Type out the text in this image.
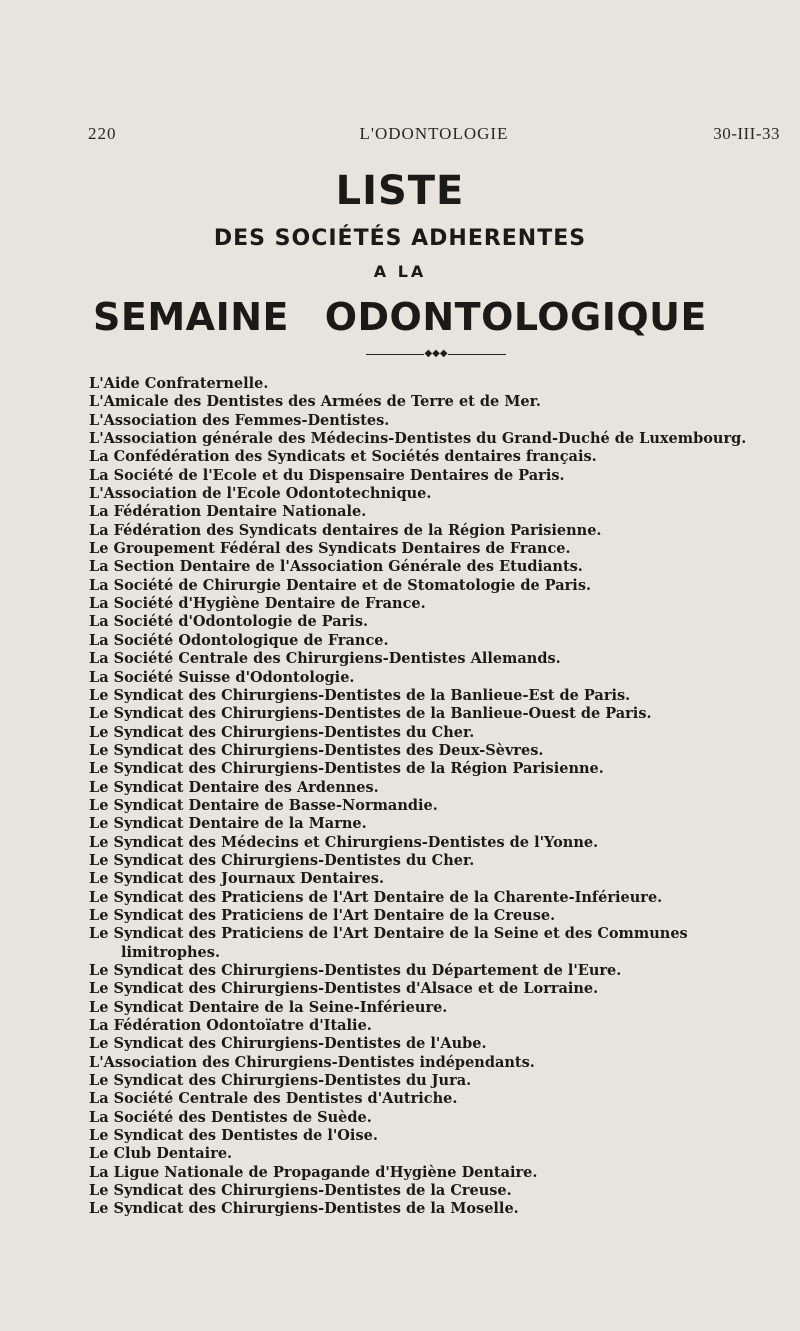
220	L'ODONTOLOGIE	30-III-33
LISTE
DES SOCIÉTÉS ADHERENTES
A LA
SEMAINE ODONTOLOGIQUE
◆◆◆
L'Aide Confraternelle.
L'Amicale des Dentistes des Armées de Terre et de Mer.
L'Association des Femmes-Dentistes.
L'Association générale des Médecins-Dentistes du Grand-Duché de Luxembourg.
La Confédération des Syndicats et Sociétés dentaires français.
La Société de l'Ecole et du Dispensaire Dentaires de Paris.
L'Association de l'Ecole Odontotechnique.
La Fédération Dentaire Nationale.
La Fédération des Syndicats dentaires de la Région Parisienne.
Le Groupement Fédéral des Syndicats Dentaires de France.
La Section Dentaire de l'Association Générale des Etudiants.
La Société de Chirurgie Dentaire et de Stomatologie de Paris.
La Société d'Hygiène Dentaire de France.
La Société d'Odontologie de Paris.
La Société Odontologique de France.
La Société Centrale des Chirurgiens-Dentistes Allemands.
La Société Suisse d'Odontologie.
Le Syndicat des Chirurgiens-Dentistes de la Banlieue-Est de Paris.
Le Syndicat des Chirurgiens-Dentistes de la Banlieue-Ouest de Paris.
Le Syndicat des Chirurgiens-Dentistes du Cher.
Le Syndicat des Chirurgiens-Dentistes des Deux-Sèvres.
Le Syndicat des Chirurgiens-Dentistes de la Région Parisienne.
Le Syndicat Dentaire des Ardennes.
Le Syndicat Dentaire de Basse-Normandie.
Le Syndicat Dentaire de la Marne.
Le Syndicat des Médecins et Chirurgiens-Dentistes de l'Yonne.
Le Syndicat des Chirurgiens-Dentistes du Cher.
Le Syndicat des Journaux Dentaires.
Le Syndicat des Praticiens de l'Art Dentaire de la Charente-Inférieure.
Le Syndicat des Praticiens de l'Art Dentaire de la Creuse.
Le Syndicat des Praticiens de l'Art Dentaire de la Seine et des Communes limitrophes.
Le Syndicat des Chirurgiens-Dentistes du Département de l'Eure.
Le Syndicat des Chirurgiens-Dentistes d'Alsace et de Lorraine.
Le Syndicat Dentaire de la Seine-Inférieure.
La Fédération Odontoïatre d'Italie.
Le Syndicat des Chirurgiens-Dentistes de l'Aube.
L'Association des Chirurgiens-Dentistes indépendants.
Le Syndicat des Chirurgiens-Dentistes du Jura.
La Société Centrale des Dentistes d'Autriche.
La Société des Dentistes de Suède.
Le Syndicat des Dentistes de l'Oise.
Le Club Dentaire.
La Ligue Nationale de Propagande d'Hygiène Dentaire.
Le Syndicat des Chirurgiens-Dentistes de la Creuse.
Le Syndicat des Chirurgiens-Dentistes de la Moselle.
